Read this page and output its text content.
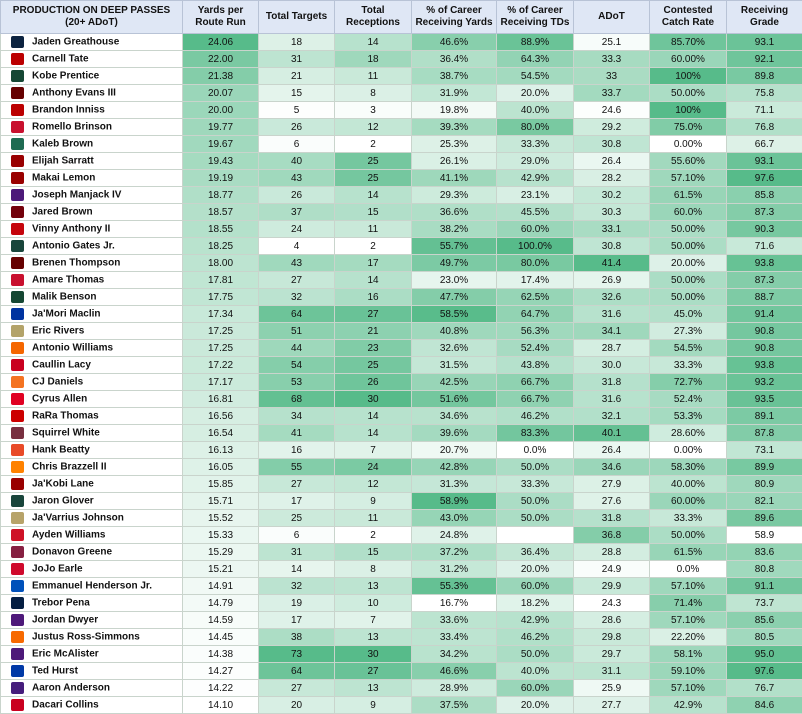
PRODUCTION ON DEEP PASSES (20+ ADoT)	Yards per Route Run	Total Targets	Total Receptions	% of Career Receiving Yards	% of Career Receiving TDs	ADoT	Contested Catch Rate	Receiving Grade
Jaden Greathouse	24.06	18	14	46.6%	88.9%	25.1	85.70%	93.1
Carnell Tate	22.00	31	18	36.4%	64.3%	33.3	60.00%	92.1
Kobe Prentice	21.38	21	11	38.7%	54.5%	33	100%	89.8
Anthony Evans III	20.07	15	8	31.9%	20.0%	33.7	50.00%	75.8
Brandon Inniss	20.00	5	3	19.8%	40.0%	24.6	100%	71.1
Romello Brinson	19.77	26	12	39.3%	80.0%	29.2	75.0%	76.8
Kaleb Brown	19.67	6	2	25.3%	33.3%	30.8	0.00%	66.7
Elijah Sarratt	19.43	40	25	26.1%	29.0%	26.4	55.60%	93.1
Makai Lemon	19.19	43	25	41.1%	42.9%	28.2	57.10%	97.6
Joseph Manjack IV	18.77	26	14	29.3%	23.1%	30.2	61.5%	85.8
Jared Brown	18.57	37	15	36.6%	45.5%	30.3	60.0%	87.3
Vinny Anthony II	18.55	24	11	38.2%	60.0%	33.1	50.00%	90.3
Antonio Gates Jr.	18.25	4	2	55.7%	100.0%	30.8	50.00%	71.6
Brenen Thompson	18.00	43	17	49.7%	80.0%	41.4	20.00%	93.8
Amare Thomas	17.81	27	14	23.0%	17.4%	26.9	50.00%	87.3
Malik Benson	17.75	32	16	47.7%	62.5%	32.6	50.00%	88.7
Ja'Mori Maclin	17.34	64	27	58.5%	64.7%	31.6	45.0%	91.4
Eric Rivers	17.25	51	21	40.8%	56.3%	34.1	27.3%	90.8
Antonio Williams	17.25	44	23	32.6%	52.4%	28.7	54.5%	90.8
Caullin Lacy	17.22	54	25	31.5%	43.8%	30.0	33.3%	93.8
CJ Daniels	17.17	53	26	42.5%	66.7%	31.8	72.7%	93.2
Cyrus Allen	16.81	68	30	51.6%	66.7%	31.6	52.4%	93.5
RaRa Thomas	16.56	34	14	34.6%	46.2%	32.1	53.3%	89.1
Squirrel White	16.54	41	14	39.6%	83.3%	40.1	28.60%	87.8
Hank Beatty	16.13	16	7	20.7%	0.0%	26.4	0.00%	73.1
Chris Brazzell II	16.05	55	24	42.8%	50.0%	34.6	58.30%	89.9
Ja'Kobi Lane	15.85	27	12	31.3%	33.3%	27.9	40.00%	80.9
Jaron Glover	15.71	17	9	58.9%	50.0%	27.6	60.00%	82.1
Ja'Varrius Johnson	15.52	25	11	43.0%	50.0%	31.8	33.3%	89.6
Ayden Williams	15.33	6	2	24.8%		36.8	50.00%	58.9
Donavon Greene	15.29	31	15	37.2%	36.4%	28.8	61.5%	83.6
JoJo Earle	15.21	14	8	31.2%	20.0%	24.9	0.0%	80.8
Emmanuel Henderson Jr.	14.91	32	13	55.3%	60.0%	29.9	57.10%	91.1
Trebor Pena	14.79	19	10	16.7%	18.2%	24.3	71.4%	73.7
Jordan Dwyer	14.59	17	7	33.6%	42.9%	28.6	57.10%	85.6
Justus Ross-Simmons	14.45	38	13	33.4%	46.2%	29.8	22.20%	80.5
Eric McAlister	14.38	73	30	34.2%	50.0%	29.7	58.1%	95.0
Ted Hurst	14.27	64	27	46.6%	40.0%	31.1	59.10%	97.6
Aaron Anderson	14.22	27	13	28.9%	60.0%	25.9	57.10%	76.7
Dacari Collins	14.10	20	9	37.5%	20.0%	27.7	42.9%	84.6
